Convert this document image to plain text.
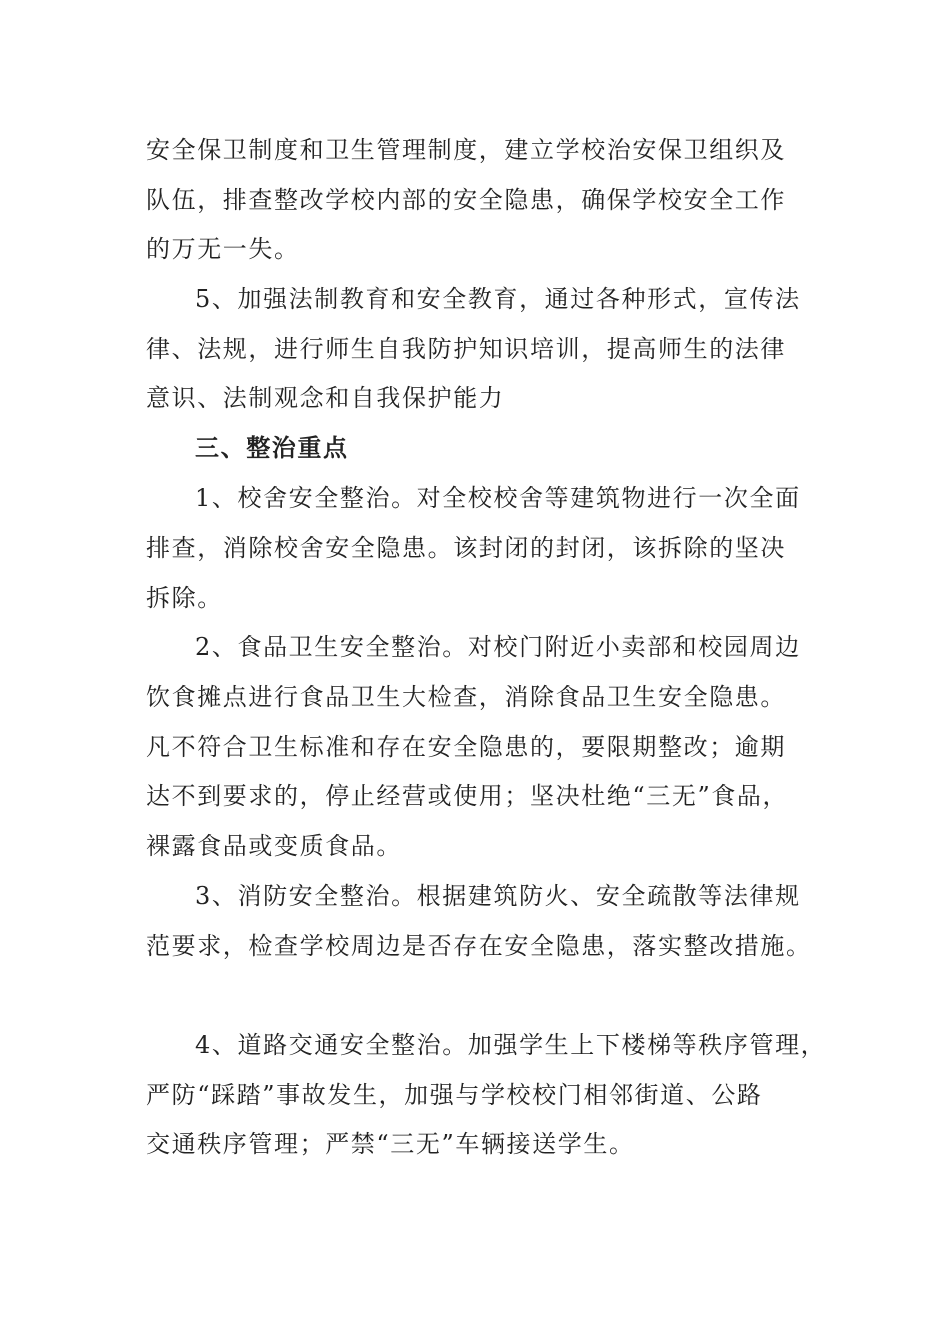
安全保卫制度和卫生管理制度，建立学校治安保卫组织及
队伍，排查整改学校内部的安全隐患，确保学校安全工作
的万无一失。
5、加强法制教育和安全教育，通过各种形式，宣传法
律、法规，进行师生自我防护知识培训，提高师生的法律
意识、法制观念和自我保护能力
三、整治重点
1、校舍安全整治。对全校校舍等建筑物进行一次全面
排查，消除校舍安全隐患。该封闭的封闭，该拆除的坚决
拆除。
2、食品卫生安全整治。对校门附近小卖部和校园周边
饮食摊点进行食品卫生大检查，消除食品卫生安全隐患。
凡不符合卫生标准和存在安全隐患的，要限期整改；逾期
达不到要求的，停止经营或使用；坚决杜绝“三无”食品，
裸露食品或变质食品。
3、消防安全整治。根据建筑防火、安全疏散等法律规
范要求，检查学校周边是否存在安全隐患，落实整改措施。
4、道路交通安全整治。加强学生上下楼梯等秩序管理，
严防“踩踏”事故发生，加强与学校校门相邻街道、公路
交通秩序管理；严禁“三无”车辆接送学生。
